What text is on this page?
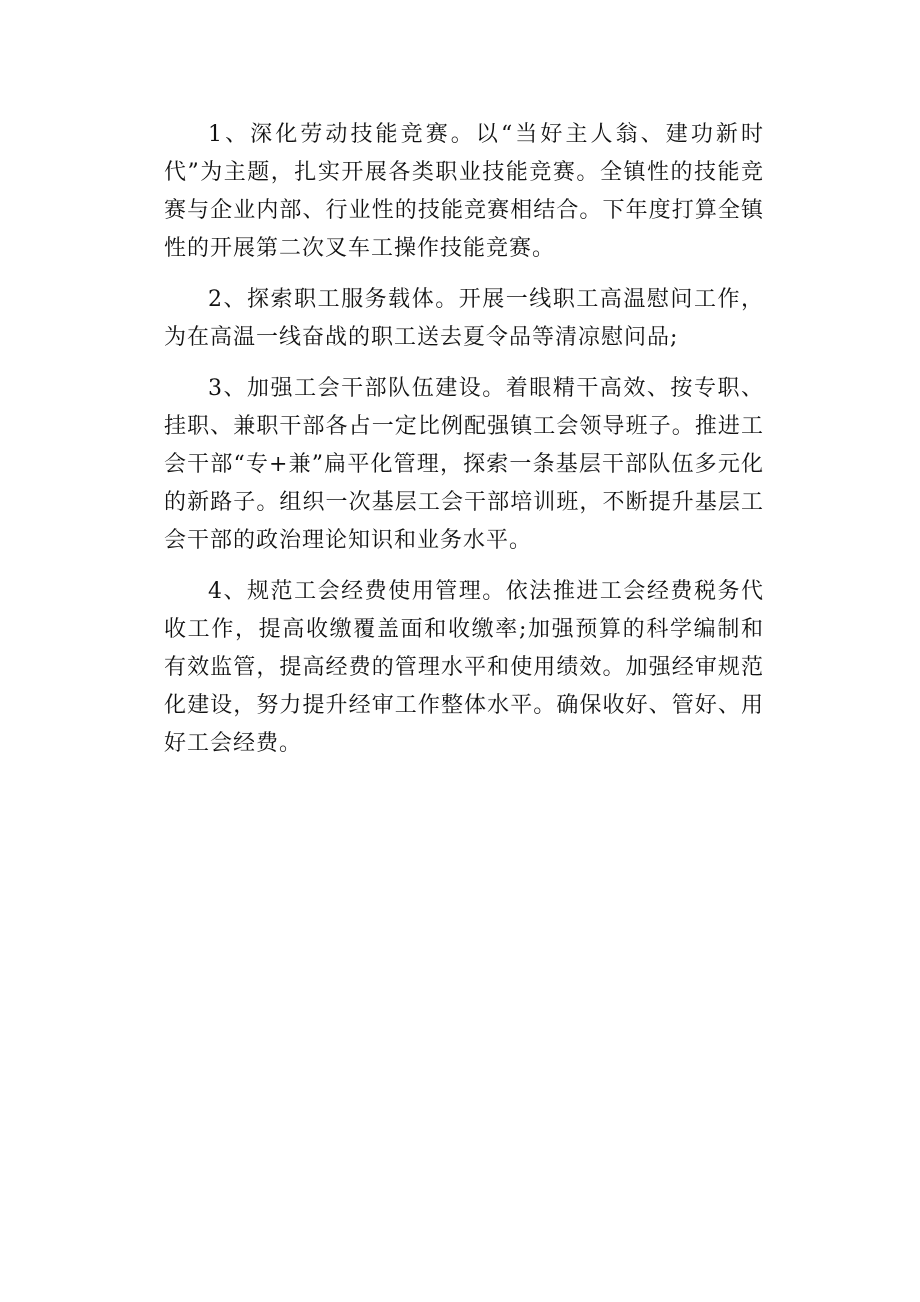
1、深化劳动技能竞赛。以“当好主人翁、建功新时代”为主题，扎实开展各类职业技能竞赛。全镇性的技能竞赛与企业内部、行业性的技能竞赛相结合。下年度打算全镇性的开展第二次叉车工操作技能竞赛。

2、探索职工服务载体。开展一线职工高温慰问工作，为在高温一线奋战的职工送去夏令品等清凉慰问品;

3、加强工会干部队伍建设。着眼精干高效、按专职、挂职、兼职干部各占一定比例配强镇工会领导班子。推进工会干部“专+兼”扁平化管理，探索一条基层干部队伍多元化的新路子。组织一次基层工会干部培训班，不断提升基层工会干部的政治理论知识和业务水平。

4、规范工会经费使用管理。依法推进工会经费税务代收工作，提高收缴覆盖面和收缴率;加强预算的科学编制和有效监管，提高经费的管理水平和使用绩效。加强经审规范化建设，努力提升经审工作整体水平。确保收好、管好、用好工会经费。
